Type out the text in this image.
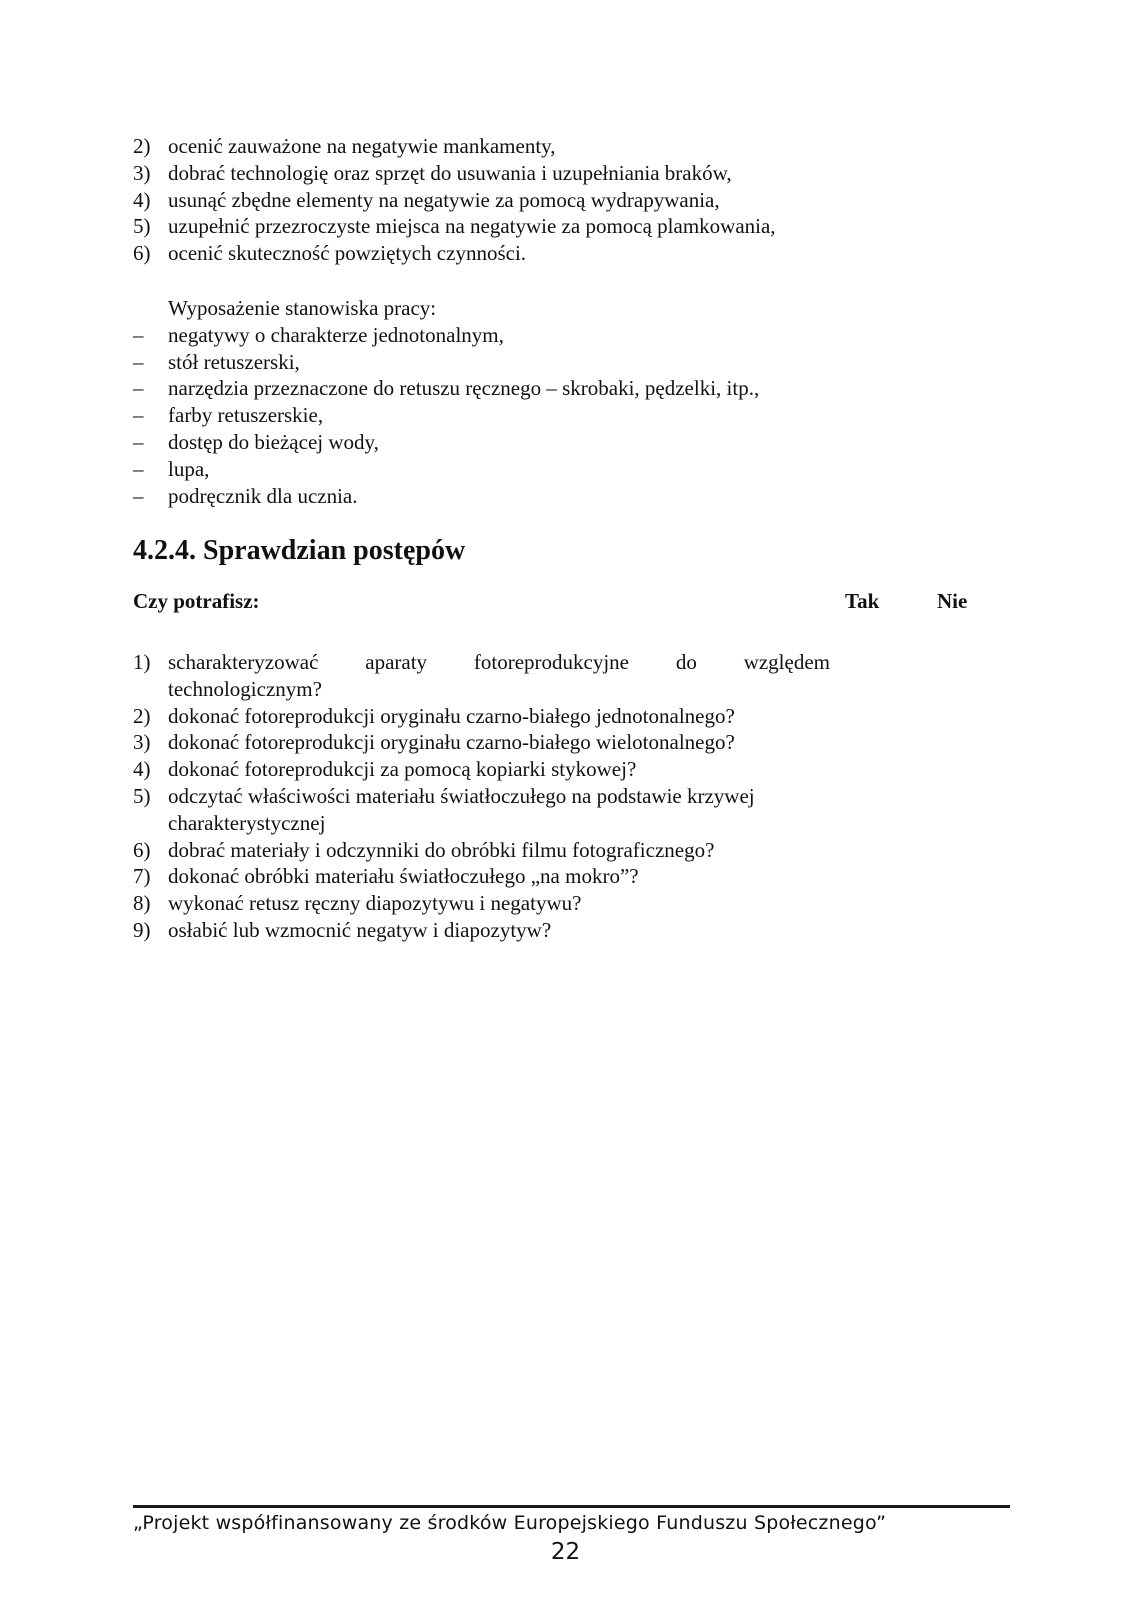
2) ocenić zauważone na negatywie mankamenty,
3) dobrać technologię oraz sprzęt do usuwania i uzupełniania braków,
4) usunąć zbędne elementy na negatywie za pomocą wydrapywania,
5) uzupełnić przezroczyste miejsca na negatywie za pomocą plamkowania,
6) ocenić skuteczność powziętych czynności.
Wyposażenie stanowiska pracy:
–	negatywy o charakterze jednotonalnym,
–	stół retuszerski,
–	narzędzia przeznaczone do retuszu ręcznego – skrobaki, pędzelki, itp.,
–	farby retuszerskie,
–	dostęp do bieżącej wody,
–	lupa,
–	podręcznik dla ucznia.
4.2.4. Sprawdzian postępów
Czy potrafisz:	Tak	Nie
1) scharakteryzować aparaty fotoreprodukcyjne do względem
technologicznym?
2) dokonać fotoreprodukcji oryginału czarno-białego jednotonalnego?
3) dokonać fotoreprodukcji oryginału czarno-białego wielotonalnego?
4) dokonać fotoreprodukcji za pomocą kopiarki stykowej?
5) odczytać właściwości materiału światłoczułego na podstawie krzywej
charakterystycznej
6) dobrać materiały i odczynniki do obróbki filmu fotograficznego?
7) dokonać obróbki materiału światłoczułego „na mokro”?
8) wykonać retusz ręczny diapozytywu i negatywu?
9) osłabić lub wzmocnić negatyw i diapozytyw?
„Projekt współfinansowany ze środków Europejskiego Funduszu Społecznego”
22
